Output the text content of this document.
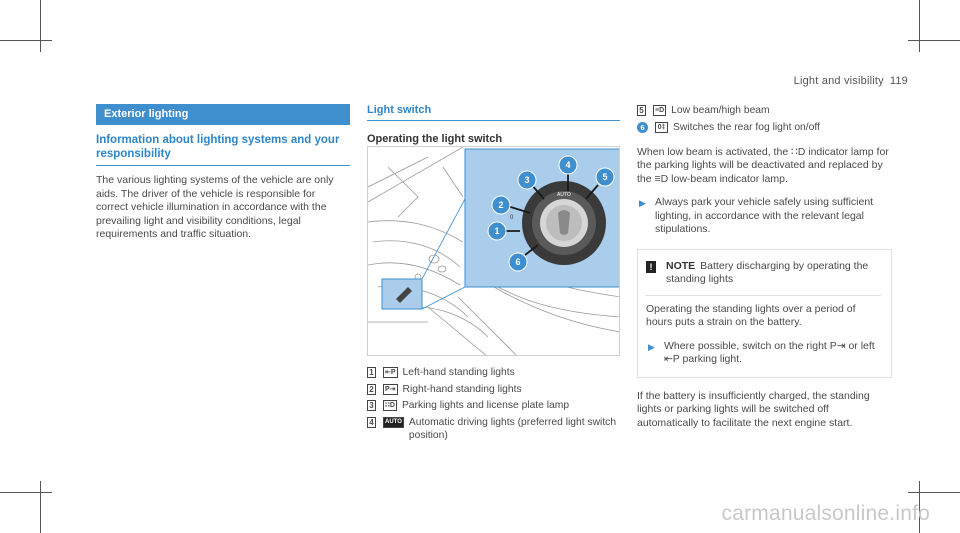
Light and visibility 119
Exterior lighting
Information about lighting systems and your responsibility

The various lighting systems of the vehicle are only aids. The driver of the vehicle is responsible for correct vehicle illumination in accordance with the prevailing light and visibility conditions, legal requirements and traffic situation.

Light switch
Operating the light switch
AUTO
0
1
2
3
4
5
6
1	⇤P Left-hand standing lights
2	P⇥ Right-hand standing lights
3	∷D Parking lights and license plate lamp
4	AUTO Automatic driving lights (preferred light switch position)
5	≡D Low beam/high beam
6	0‡ Switches the rear fog light on/off

When low beam is activated, the ∷D indicator lamp for the parking lights will be deactivated and replaced by the ≡D low-beam indicator lamp.

▶ Always park your vehicle safely using sufficient lighting, in accordance with the relevant legal stipulations.
!	NOTE Battery discharging by operating the standing lights

Operating the standing lights over a period of hours puts a strain on the battery.

▶ Where possible, switch on the right P⇥ or left ⇤P parking light.

If the battery is insufficiently charged, the standing lights or parking lights will be switched off automatically to facilitate the next engine start.

carmanualsonline.info
